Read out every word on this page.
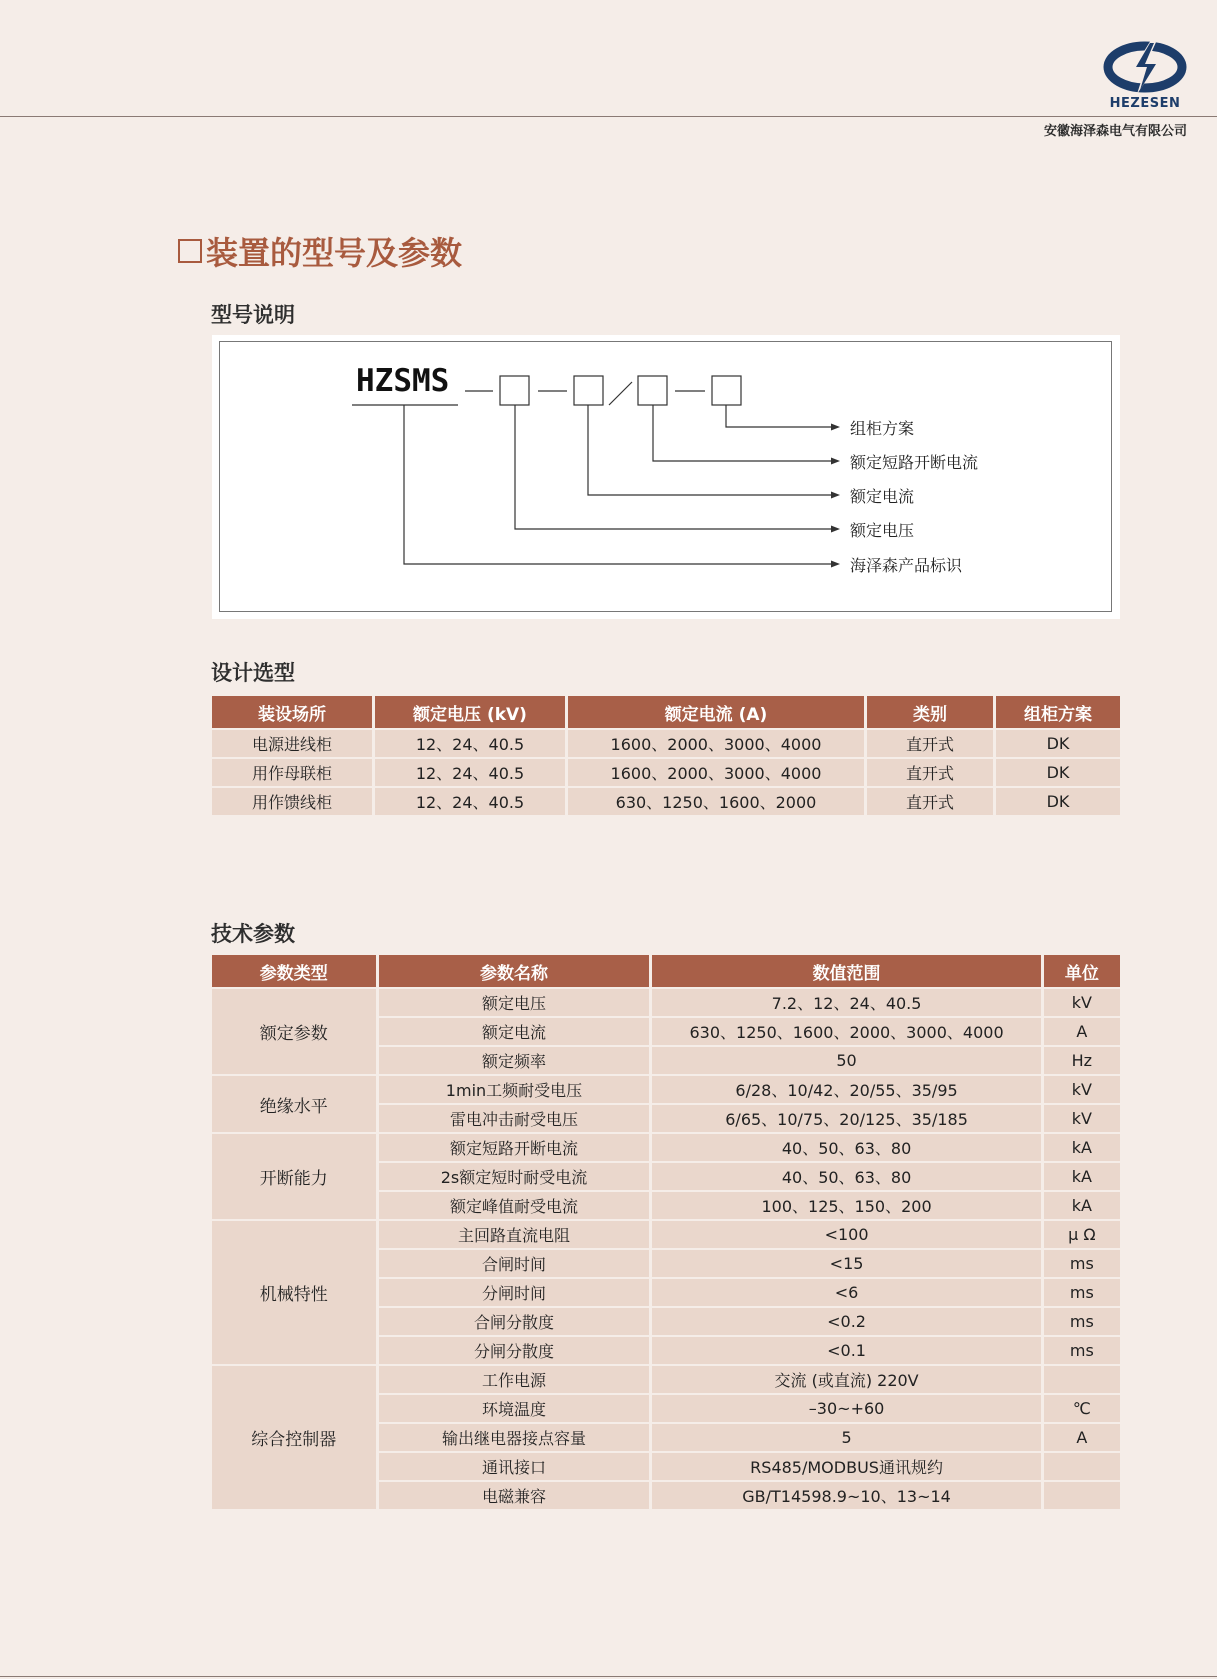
HEZESEN
安徽海泽森电气有限公司
装置的型号及参数
型号说明
HZSMS
组柜方案
额定短路开断电流
额定电流
额定电压
海泽森产品标识
设计选型
装设场所	额定电压 (kV)	额定电流 (A)	类别	组柜方案
电源进线柜	12、24、40.5	1600、2000、3000、4000	直开式	DK
用作母联柜	12、24、40.5	1600、2000、3000、4000	直开式	DK
用作馈线柜	12、24、40.5	630、1250、1600、2000	直开式	DK
技术参数
参数类型	参数名称	数值范围	单位
额定参数	额定电压	7.2、12、24、40.5	kV
	额定电流	630、1250、1600、2000、3000、4000	A
	额定频率	50	Hz
绝缘水平	1min工频耐受电压	6/28、10/42、20/55、35/95	kV
	雷电冲击耐受电压	6/65、10/75、20/125、35/185	kV
开断能力	额定短路开断电流	40、50、63、80	kA
	2s额定短时耐受电流	40、50、63、80	kA
	额定峰值耐受电流	100、125、150、200	kA
机械特性	主回路直流电阻	<100	μ Ω
	合闸时间	<15	ms
	分闸时间	<6	ms
	合闸分散度	<0.2	ms
	分闸分散度	<0.1	ms
综合控制器	工作电源	交流 (或直流) 220V	
	环境温度	–30~+60	℃
	输出继电器接点容量	5	A
	通讯接口	RS485/MODBUS通讯规约	
	电磁兼容	GB/T14598.9~10、13~14	
